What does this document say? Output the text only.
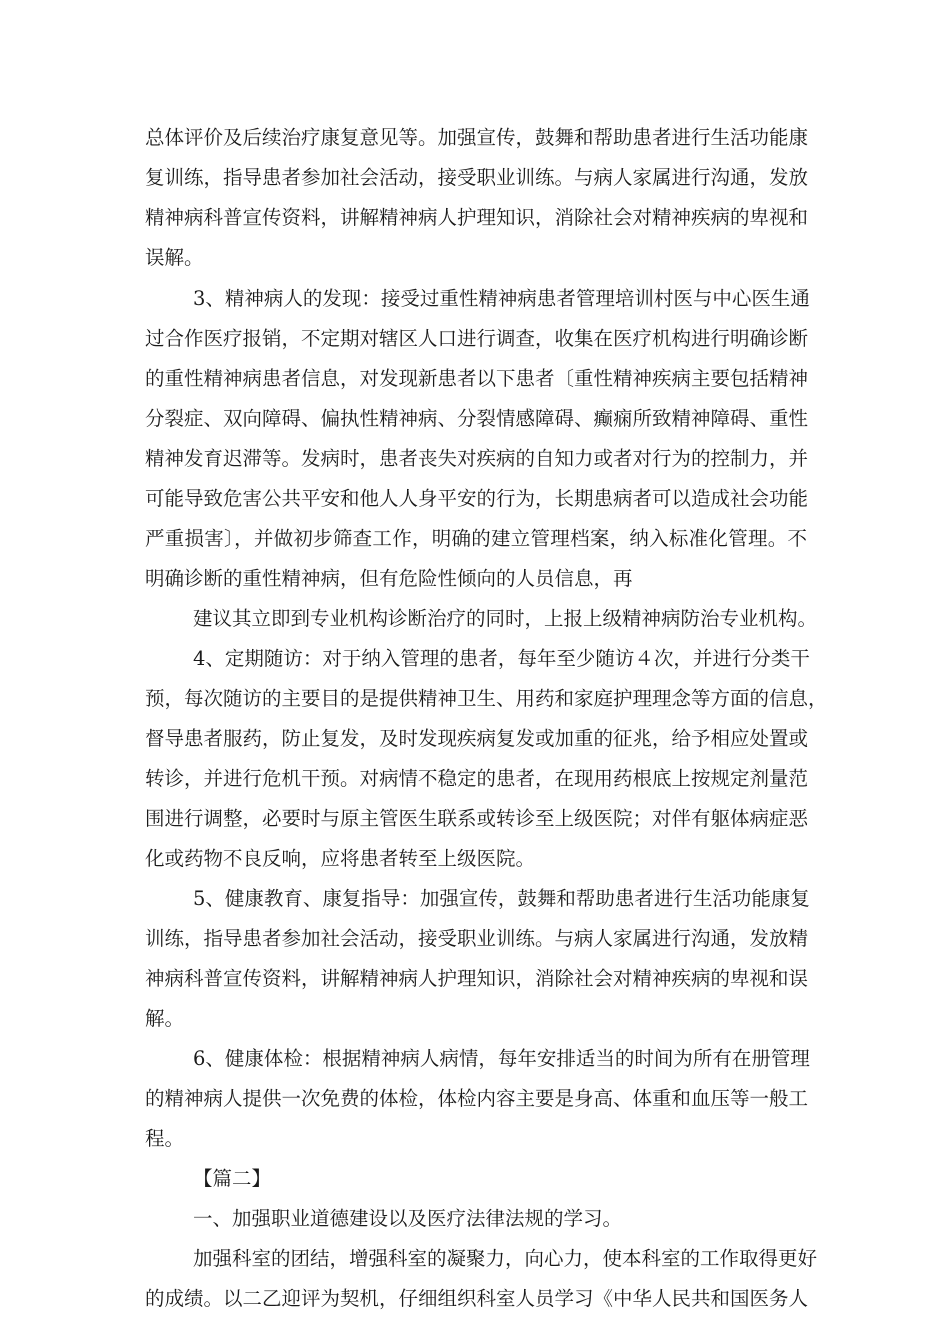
总体评价及后续治疗康复意见等。加强宣传，鼓舞和帮助患者进行生活功能康
复训练，指导患者参加社会活动，接受职业训练。与病人家属进行沟通，发放
精神病科普宣传资料，讲解精神病人护理知识，消除社会对精神疾病的卑视和
误解。
3、精神病人的发现：接受过重性精神病患者管理培训村医与中心医生通
过合作医疗报销，不定期对辖区人口进行调查，收集在医疗机构进行明确诊断
的重性精神病患者信息，对发现新患者以下患者〔重性精神疾病主要包括精神
分裂症、双向障碍、偏执性精神病、分裂情感障碍、癫痫所致精神障碍、重性
精神发育迟滞等。发病时，患者丧失对疾病的自知力或者对行为的控制力，并
可能导致危害公共平安和他人人身平安的行为，长期患病者可以造成社会功能
严重损害〕，并做初步筛查工作，明确的建立管理档案，纳入标准化管理。不
明确诊断的重性精神病，但有危险性倾向的人员信息，再
建议其立即到专业机构诊断治疗的同时，上报上级精神病防治专业机构。
4、定期随访：对于纳入管理的患者，每年至少随访４次，并进行分类干
预，每次随访的主要目的是提供精神卫生、用药和家庭护理理念等方面的信息，
督导患者服药，防止复发，及时发现疾病复发或加重的征兆，给予相应处置或
转诊，并进行危机干预。对病情不稳定的患者，在现用药根底上按规定剂量范
围进行调整，必要时与原主管医生联系或转诊至上级医院；对伴有躯体病症恶
化或药物不良反响，应将患者转至上级医院。
5、健康教育、康复指导：加强宣传，鼓舞和帮助患者进行生活功能康复
训练，指导患者参加社会活动，接受职业训练。与病人家属进行沟通，发放精
神病科普宣传资料，讲解精神病人护理知识，消除社会对精神疾病的卑视和误
解。
6、健康体检：根据精神病人病情，每年安排适当的时间为所有在册管理
的精神病人提供一次免费的体检，体检内容主要是身高、体重和血压等一般工
程。
【篇二】
一、加强职业道德建设以及医疗法律法规的学习。
加强科室的团结，增强科室的凝聚力，向心力，使本科室的工作取得更好
的成绩。以二乙迎评为契机，仔细组织科室人员学习《中华人民共和国医务人
